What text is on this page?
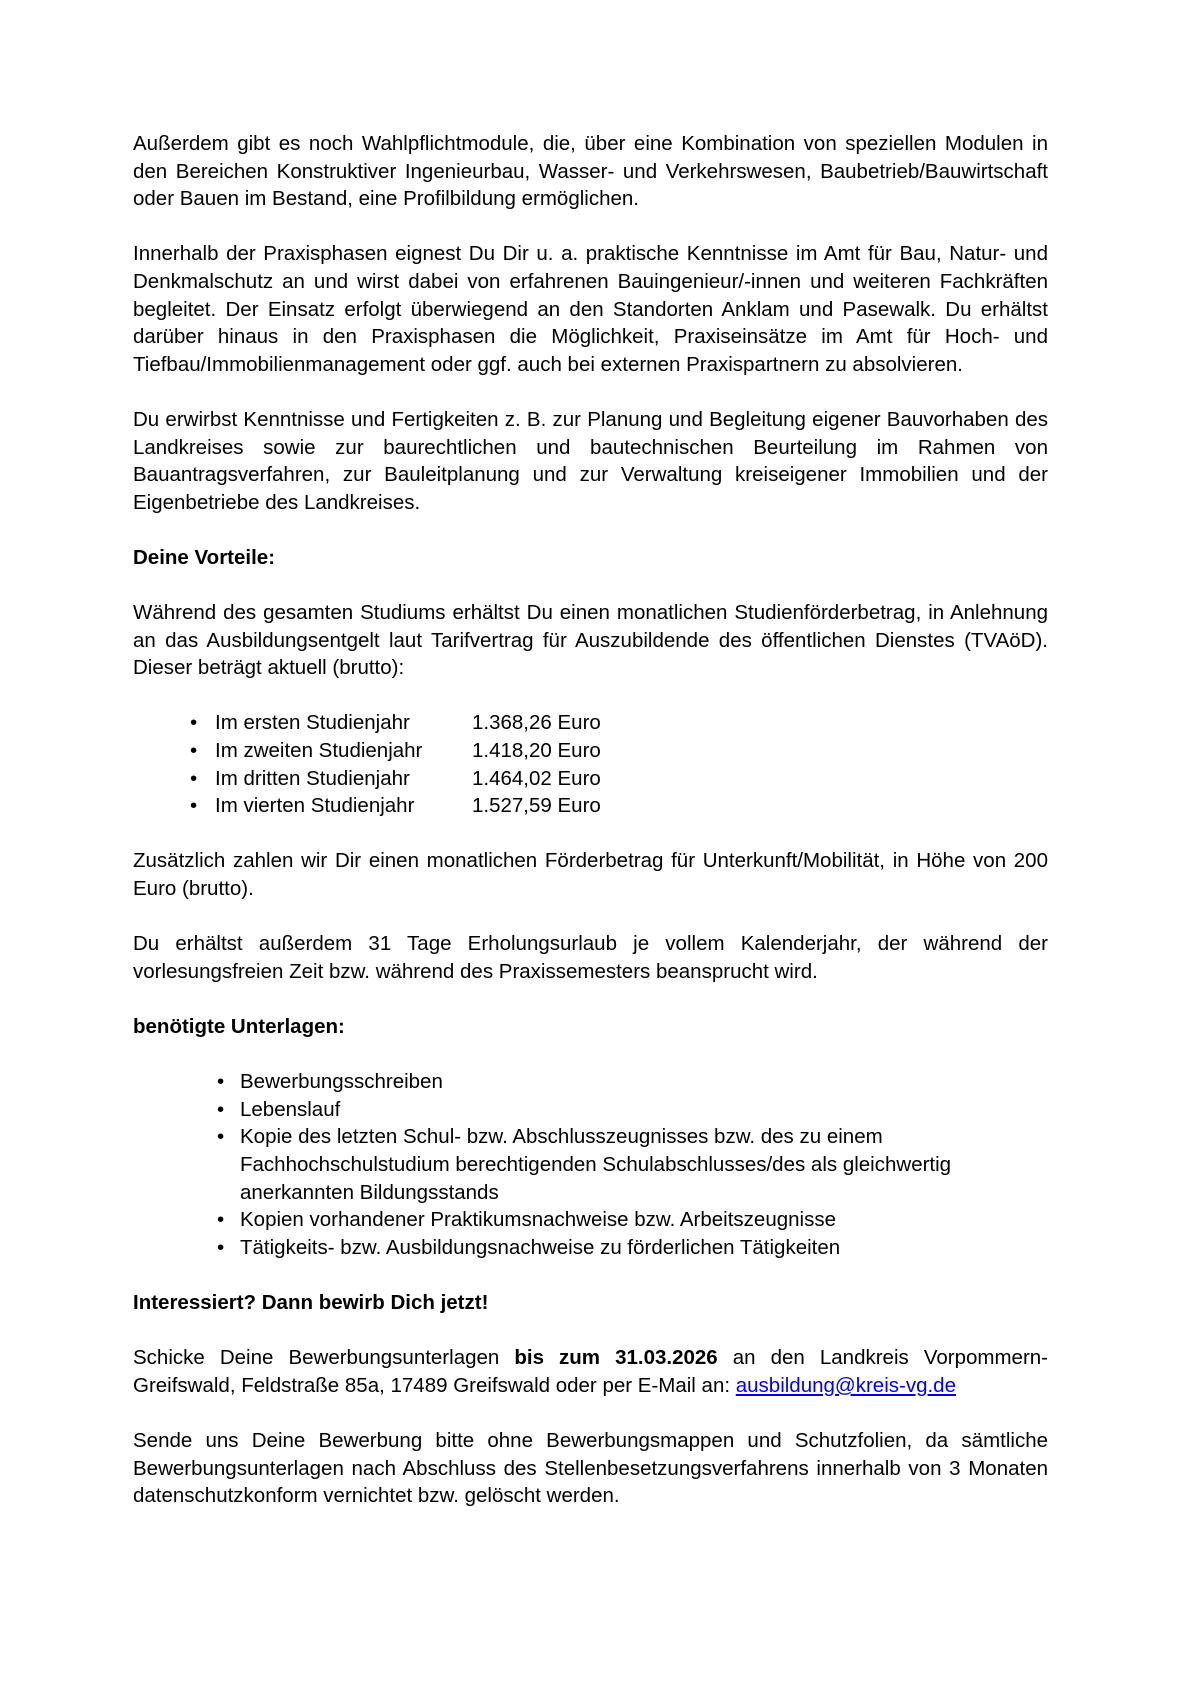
Außerdem gibt es noch Wahlpflichtmodule, die, über eine Kombination von speziellen Modulen in den Bereichen Konstruktiver Ingenieurbau, Wasser- und Verkehrswesen, Baubetrieb/Bauwirtschaft oder Bauen im Bestand, eine Profilbildung ermöglichen.

Innerhalb der Praxisphasen eignest Du Dir u. a. praktische Kenntnisse im Amt für Bau, Natur- und Denkmalschutz an und wirst dabei von erfahrenen Bauingenieur/-innen und weiteren Fachkräften begleitet. Der Einsatz erfolgt überwiegend an den Standorten Anklam und Pasewalk. Du erhältst darüber hinaus in den Praxisphasen die Möglichkeit, Praxiseinsätze im Amt für Hoch- und Tiefbau/Immobilienmanagement oder ggf. auch bei externen Praxispartnern zu absolvieren.

Du erwirbst Kenntnisse und Fertigkeiten z. B. zur Planung und Begleitung eigener Bauvorhaben des Landkreises sowie zur baurechtlichen und bautechnischen Beurteilung im Rahmen von Bauantragsverfahren, zur Bauleitplanung und zur Verwaltung kreiseigener Immobilien und der Eigenbetriebe des Landkreises.

Deine Vorteile:

Während des gesamten Studiums erhältst Du einen monatlichen Studienförderbetrag, in Anlehnung an das Ausbildungsentgelt laut Tarifvertrag für Auszubildende des öffentlichen Dienstes (TVAöD). Dieser beträgt aktuell (brutto):

• Im ersten Studienjahr	1.368,26 Euro
• Im zweiten Studienjahr	1.418,20 Euro
• Im dritten Studienjahr	1.464,02 Euro
• Im vierten Studienjahr	1.527,59 Euro

Zusätzlich zahlen wir Dir einen monatlichen Förderbetrag für Unterkunft/Mobilität, in Höhe von 200 Euro (brutto).

Du erhältst außerdem 31 Tage Erholungsurlaub je vollem Kalenderjahr, der während der vorlesungsfreien Zeit bzw. während des Praxissemesters beansprucht wird.

benötigte Unterlagen:
• Bewerbungsschreiben
• Lebenslauf
• Kopie des letzten Schul- bzw. Abschlusszeugnisses bzw. des zu einem Fachhochschulstudium berechtigenden Schulabschlusses/des als gleichwertig anerkannten Bildungsstands
• Kopien vorhandener Praktikumsnachweise bzw. Arbeitszeugnisse
• Tätigkeits- bzw. Ausbildungsnachweise zu förderlichen Tätigkeiten
Interessiert? Dann bewirb Dich jetzt!

Schicke Deine Bewerbungsunterlagen bis zum 31.03.2026 an den Landkreis Vorpommern-Greifswald, Feldstraße 85a, 17489 Greifswald oder per E-Mail an: ausbildung@kreis-vg.de

Sende uns Deine Bewerbung bitte ohne Bewerbungsmappen und Schutzfolien, da sämtliche Bewerbungsunterlagen nach Abschluss des Stellenbesetzungsverfahrens innerhalb von 3 Monaten datenschutzkonform vernichtet bzw. gelöscht werden.
